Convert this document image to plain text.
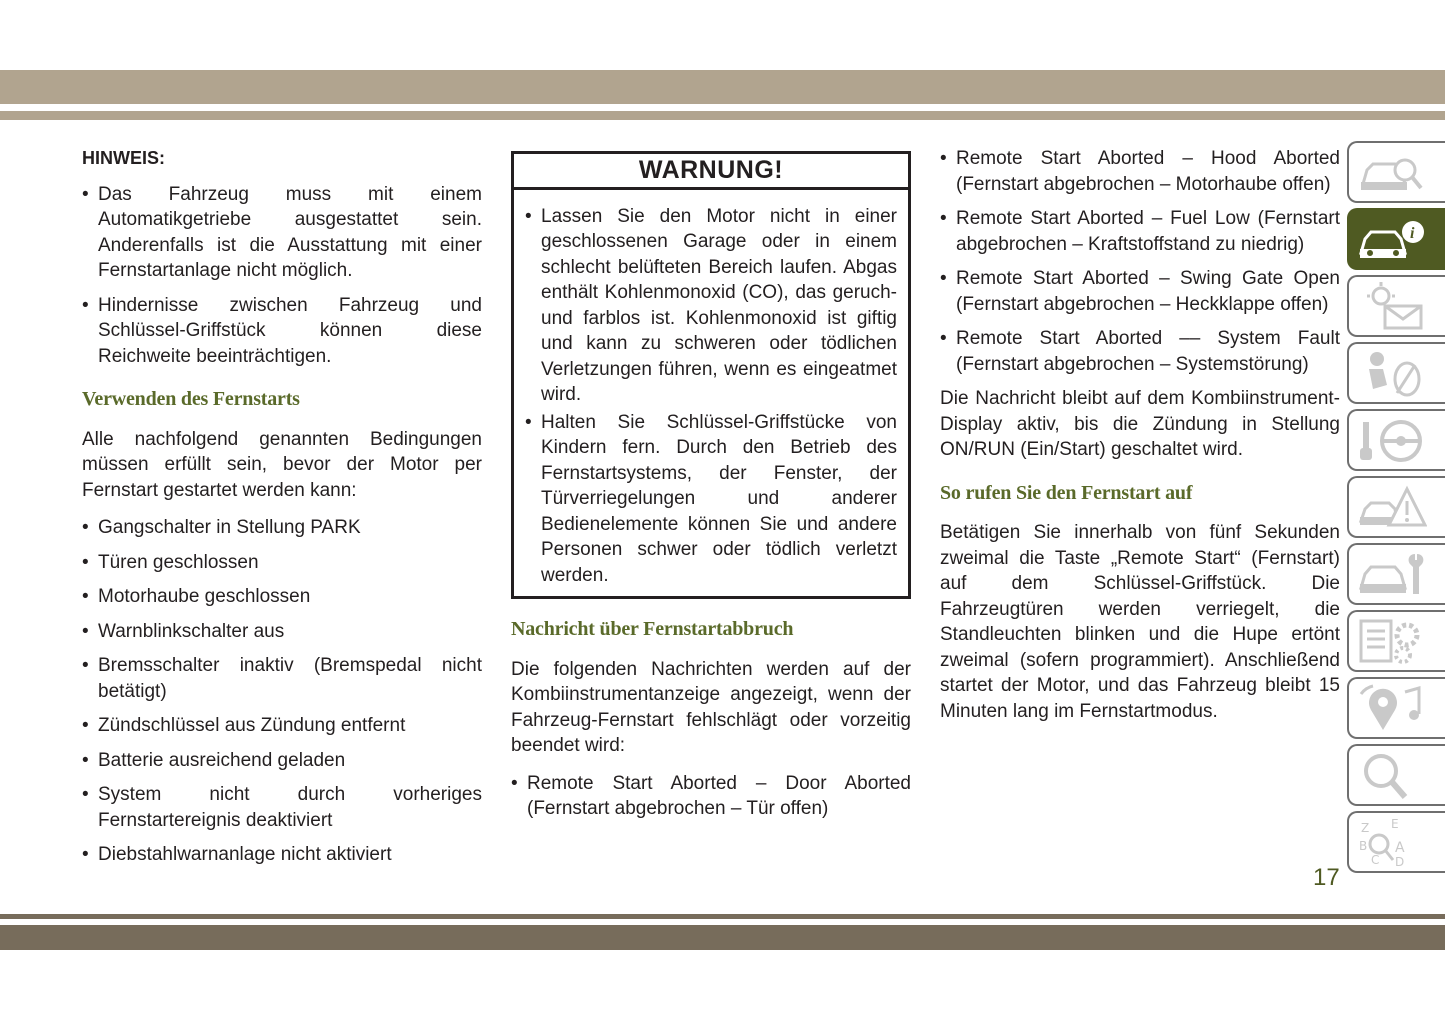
HINWEIS:
• Das Fahrzeug muss mit einem Automatikgetriebe ausgestattet sein. Anderenfalls ist die Ausstattung mit einer Fernstartanlage nicht möglich.
• Hindernisse zwischen Fahrzeug und Schlüssel-Griffstück können diese Reichweite beeinträchtigen.
Verwenden des Fernstarts

Alle nachfolgend genannten Bedingungen müssen erfüllt sein, bevor der Motor per Fernstart gestartet werden kann:

• Gangschalter in Stellung PARK
• Türen geschlossen
• Motorhaube geschlossen
• Warnblinkschalter aus
• Bremsschalter inaktiv (Bremspedal nicht betätigt)
• Zündschlüssel aus Zündung entfernt
• Batterie ausreichend geladen
• System nicht durch vorheriges Fernstartereignis deaktiviert
• Diebstahlwarnanlage nicht aktiviert
WARNUNG!
• Lassen Sie den Motor nicht in einer geschlossenen Garage oder in einem schlecht belüfteten Bereich laufen. Abgas enthält Kohlenmonoxid (CO), das geruch- und farblos ist. Kohlenmonoxid ist giftig und kann zu schweren oder tödlichen Verletzungen führen, wenn es eingeatmet wird.
• Halten Sie Schlüssel-Griffstücke von Kindern fern. Durch den Betrieb des Fernstartsystems, der Fenster, der Türverriegelungen und anderer Bedienelemente können Sie und andere Personen schwer oder tödlich verletzt werden.
Nachricht über Fernstartabbruch

Die folgenden Nachrichten werden auf der Kombiinstrumentanzeige angezeigt, wenn der Fahrzeug-Fernstart fehlschlägt oder vorzeitig beendet wird:

• Remote Start Aborted – Door Aborted (Fernstart abgebrochen – Tür offen)
• Remote Start Aborted – Hood Aborted (Fernstart abgebrochen – Motorhaube offen)
• Remote Start Aborted – Fuel Low (Fernstart abgebrochen – Kraftstoffstand zu niedrig)
• Remote Start Aborted – Swing Gate Open (Fernstart abgebrochen – Heckklappe offen)
• Remote Start Aborted –– System Fault (Fernstart abgebrochen – Systemstörung)

Die Nachricht bleibt auf dem Kombiinstrument-Display aktiv, bis die Zündung in Stellung ON/RUN (Ein/Start) geschaltet wird.

So rufen Sie den Fernstart auf

Betätigen Sie innerhalb von fünf Sekunden zweimal die Taste „Remote Start“ (Fernstart) auf dem Schlüssel-Griffstück. Die Fahrzeugtüren werden verriegelt, die Standleuchten blinken und die Hupe ertönt zweimal (sofern programmiert). Anschließend startet der Motor, und das Fahrzeug bleibt 15 Minuten lang im Fernstartmodus.

i
Z E
B A
C D
17
